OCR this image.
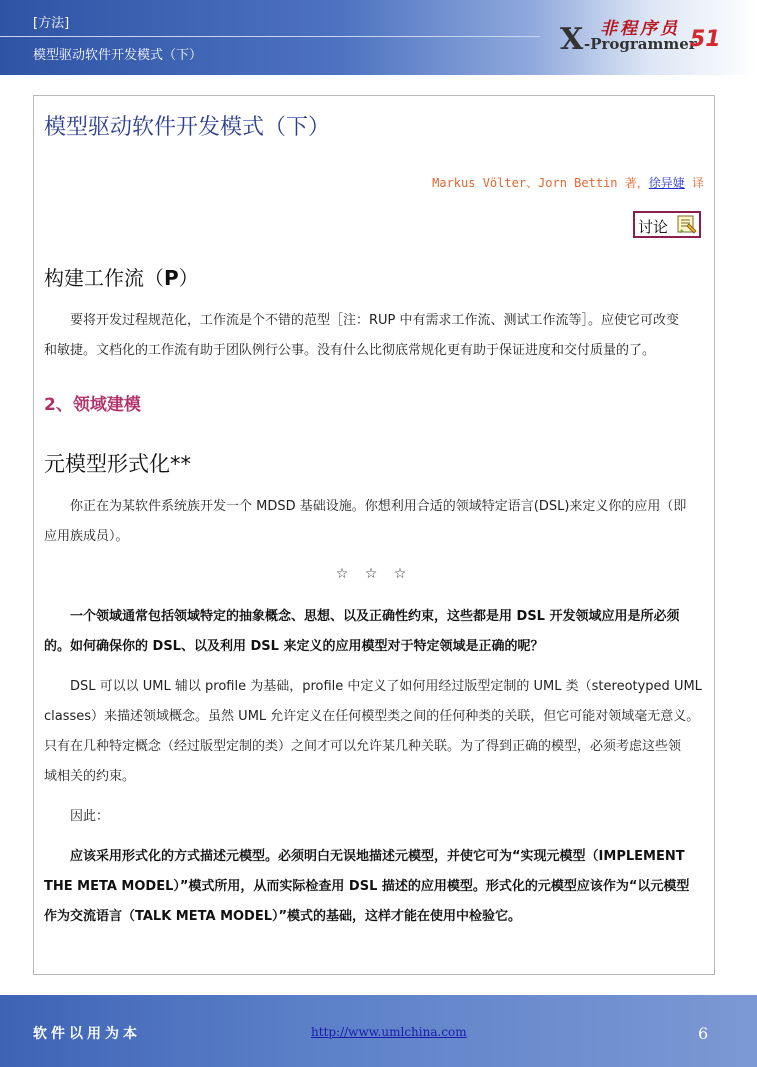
[方法]
模型驱动软件开发模式（下）
非程序员
X -Programmer
51
模型驱动软件开发模式（下）
Markus Völter、Jorn Bettin 著，徐异婕 译
讨论
构建工作流（P）
要将开发过程规范化，工作流是个不错的范型［注：RUP 中有需求工作流、测试工作流等］。应使它可改变
和敏捷。文档化的工作流有助于团队例行公事。没有什么比彻底常规化更有助于保证进度和交付质量的了。
2、领域建模
元模型形式化**
你正在为某软件系统族开发一个 MDSD 基础设施。你想利用合适的领域特定语言(DSL)来定义你的应用（即
应用族成员）。
☆ ☆ ☆
一个领域通常包括领域特定的抽象概念、思想、以及正确性约束，这些都是用 DSL 开发领域应用是所必须
的。如何确保你的 DSL、以及利用 DSL 来定义的应用模型对于特定领域是正确的呢？
DSL 可以以 UML 辅以 profile 为基础，profile 中定义了如何用经过版型定制的 UML 类（stereotyped UML
classes）来描述领域概念。虽然 UML 允许定义在任何模型类之间的任何种类的关联，但它可能对领域毫无意义。
只有在几种特定概念（经过版型定制的类）之间才可以允许某几种关联。为了得到正确的模型，必须考虑这些领
域相关的约束。
因此：
应该采用形式化的方式描述元模型。必须明白无误地描述元模型，并使它可为“实现元模型（IMPLEMENT
THE META MODEL）”模式所用，从而实际检查用 DSL 描述的应用模型。形式化的元模型应该作为“以元模型
作为交流语言（TALK META MODEL）”模式的基础，这样才能在使用中检验它。
软件以用为本	http://www.umlchina.com	6
